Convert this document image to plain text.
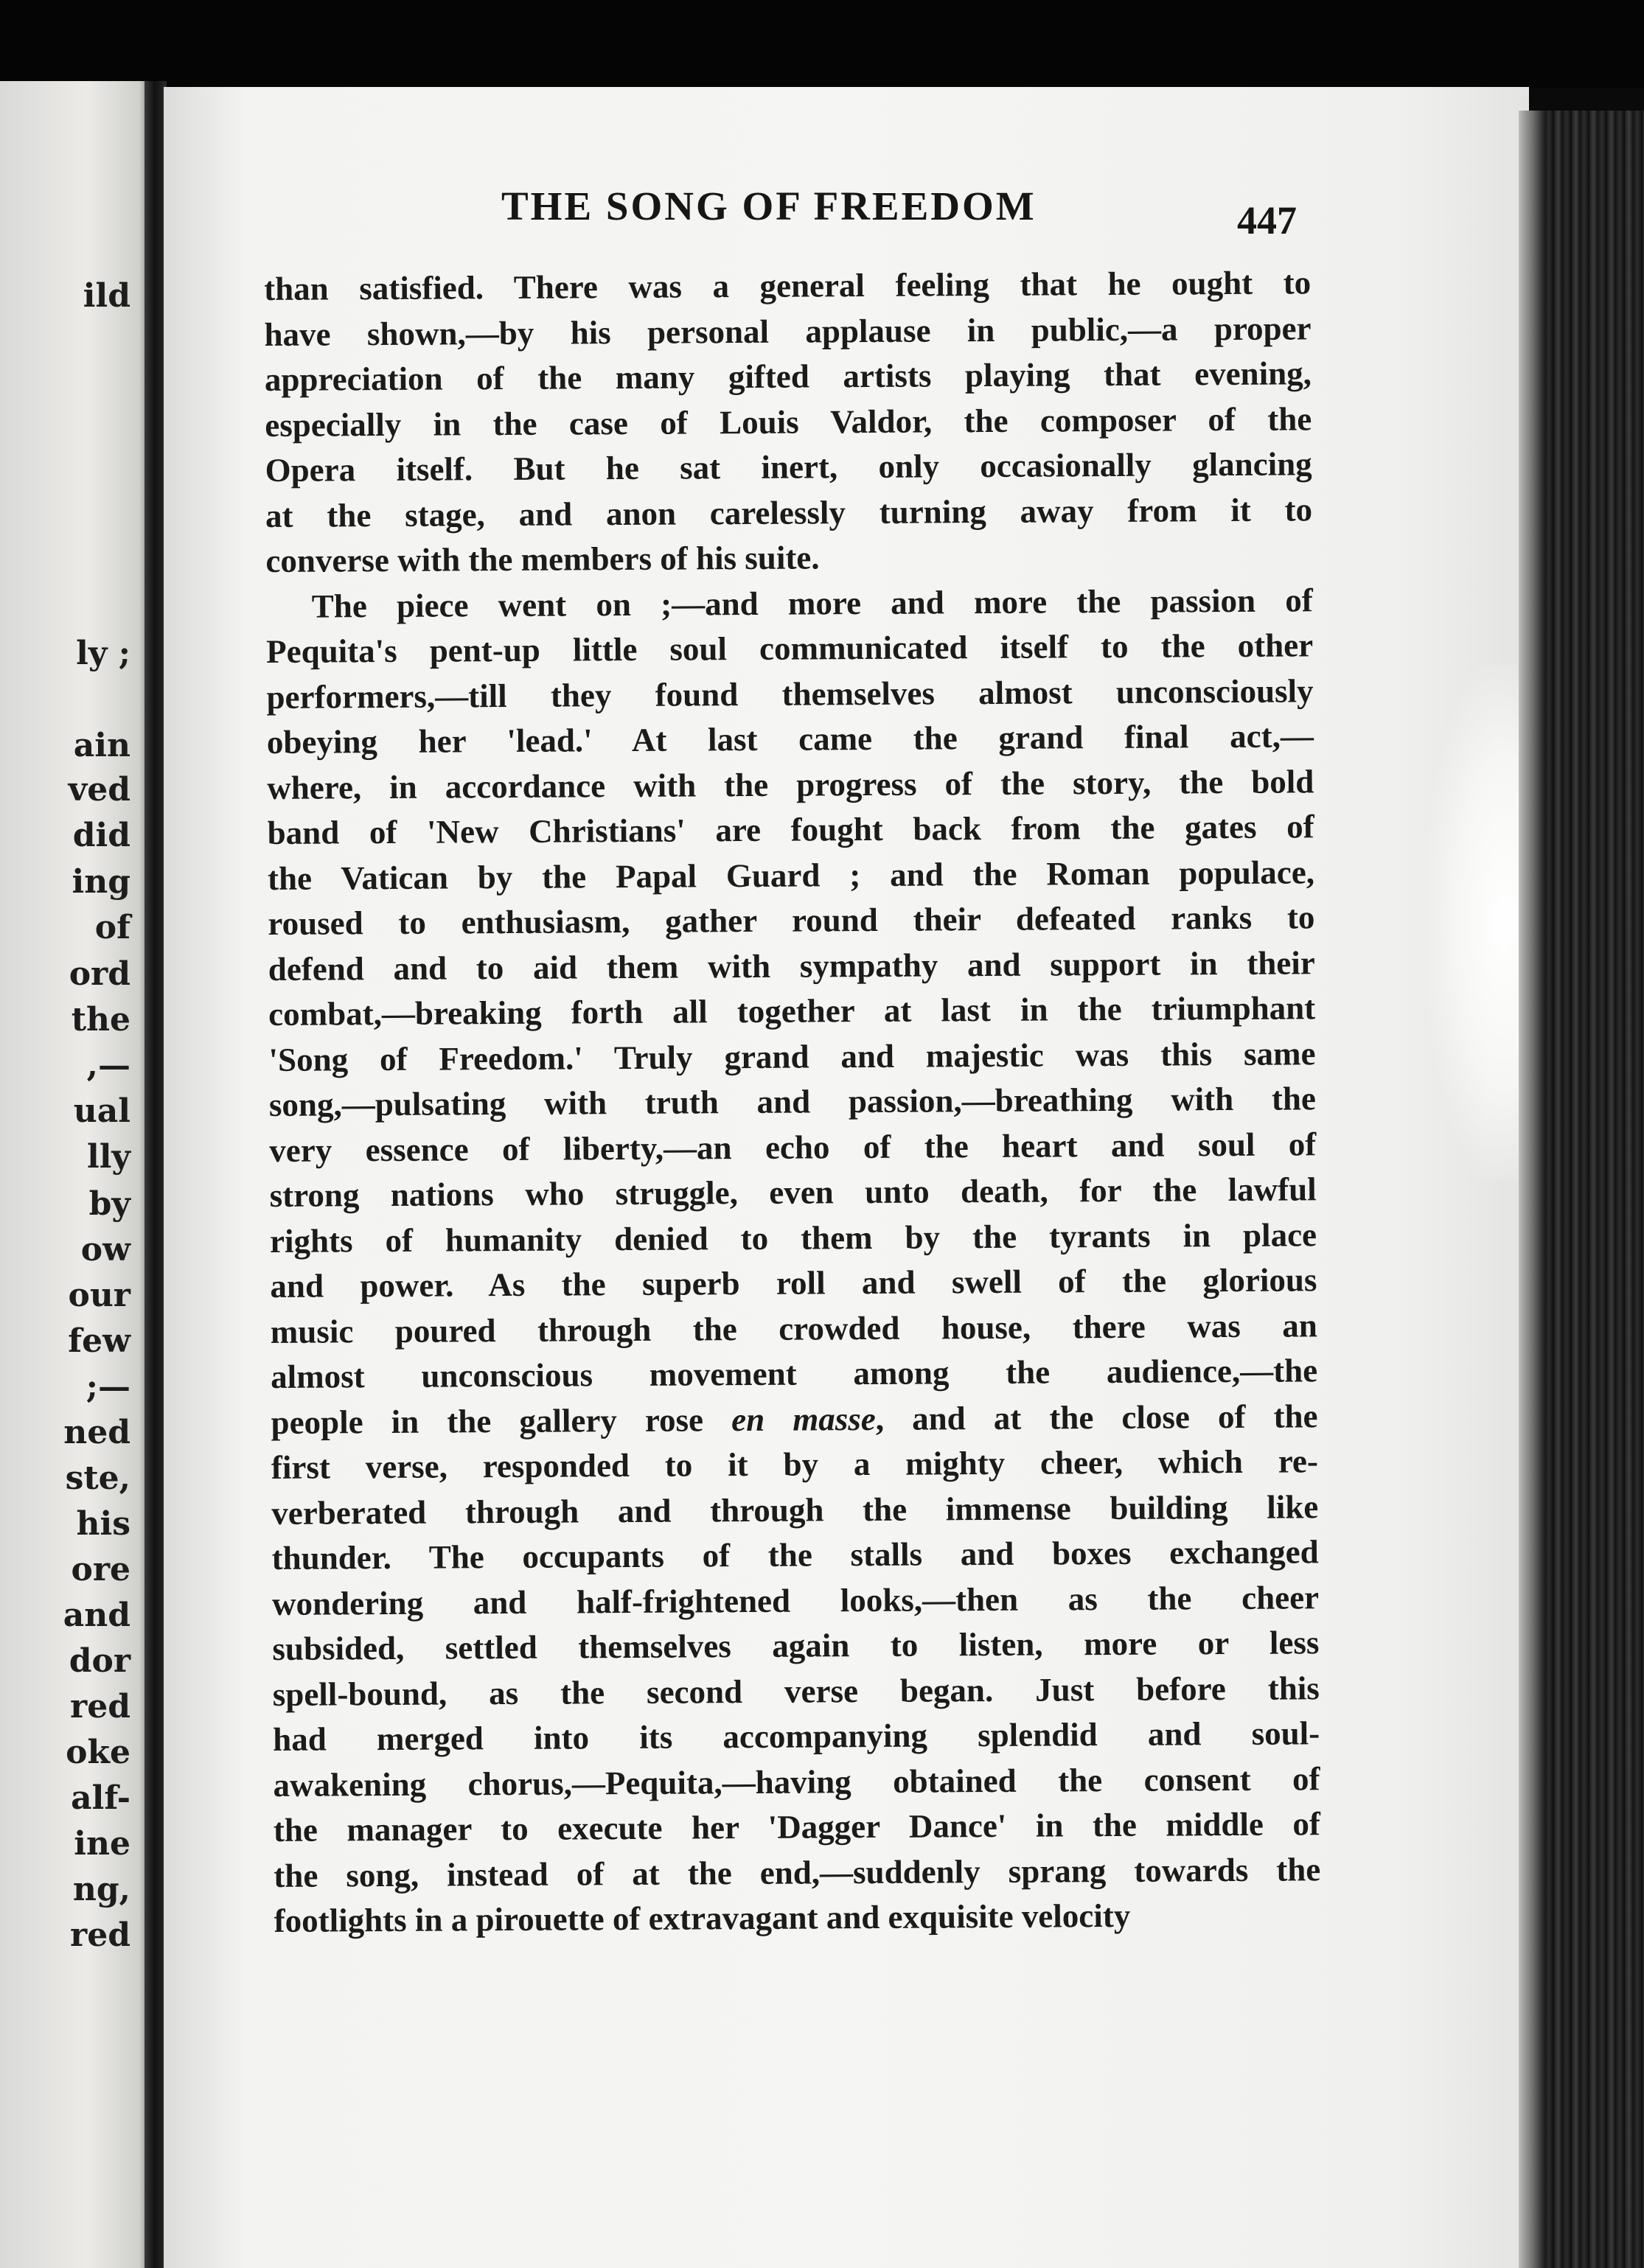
ild
ly ;
ain
ved
did
ing
of
ord
the
,—
ual
lly
by
ow
our
few
;—
ned
ste,
his
ore
and
dor
red
oke
alf-
ine
ng,
red
THE SONG OF FREEDOM	447
than satisfied. There was a general feeling that he ought to
have shown,—by his personal applause in public,—a proper
appreciation of the many gifted artists playing that evening,
especially in the case of Louis Valdor, the composer of the
Opera itself. But he sat inert, only occasionally glancing
at the stage, and anon carelessly turning away from it to
converse with the members of his suite.
The piece went on ;—and more and more the passion of
Pequita's pent-up little soul communicated itself to the other
performers,—till they found themselves almost unconsciously
obeying her 'lead.' At last came the grand final act,—
where, in accordance with the progress of the story, the bold
band of 'New Christians' are fought back from the gates of
the Vatican by the Papal Guard ; and the Roman populace,
roused to enthusiasm, gather round their defeated ranks to
defend and to aid them with sympathy and support in their
combat,—breaking forth all together at last in the triumphant
'Song of Freedom.' Truly grand and majestic was this same
song,—pulsating with truth and passion,—breathing with the
very essence of liberty,—an echo of the heart and soul of
strong nations who struggle, even unto death, for the lawful
rights of humanity denied to them by the tyrants in place
and power. As the superb roll and swell of the glorious
music poured through the crowded house, there was an
almost unconscious movement among the audience,—the
people in the gallery rose en masse, and at the close of the
first verse, responded to it by a mighty cheer, which re-
verberated through and through the immense building like
thunder. The occupants of the stalls and boxes exchanged
wondering and half-frightened looks,—then as the cheer
subsided, settled themselves again to listen, more or less
spell-bound, as the second verse began. Just before this
had merged into its accompanying splendid and soul-
awakening chorus,—Pequita,—having obtained the consent of
the manager to execute her 'Dagger Dance' in the middle of
the song, instead of at the end,—suddenly sprang towards the
footlights in a pirouette of extravagant and exquisite velocity
